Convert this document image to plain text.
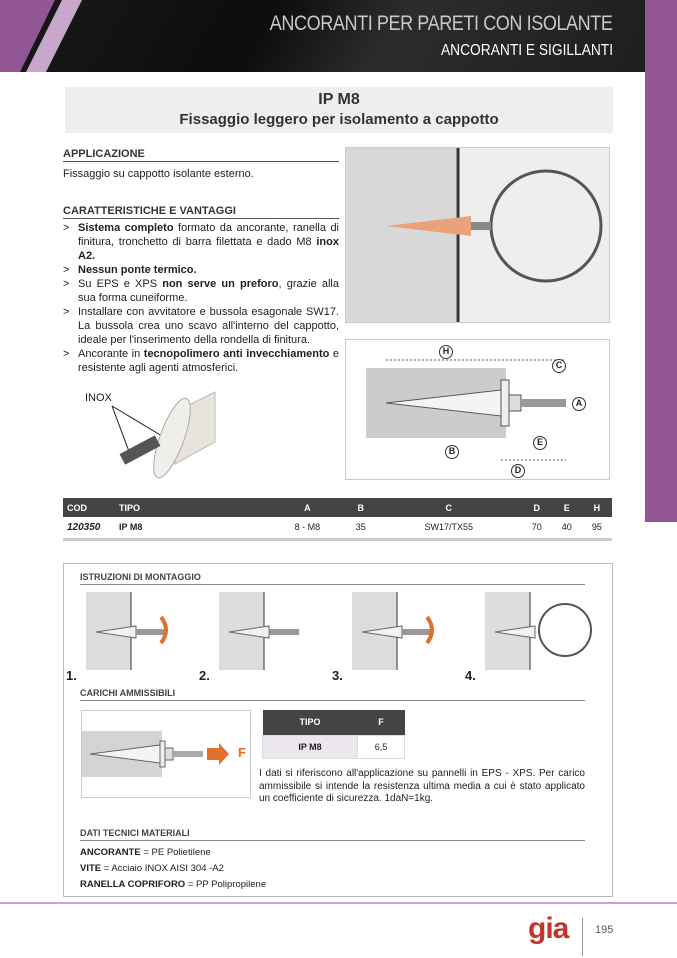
ANCORANTI PER PARETI CON ISOLANTE
ANCORANTI E SIGILLANTI
IP M8
Fissaggio leggero per isolamento a cappotto
APPLICAZIONE
Fissaggio su cappotto isolante esterno.
CARATTERISTICHE E VANTAGGI
> Sistema completo formato da ancorante, ranella di finitura, tronchetto di barra filettata e dado M8 inox A2.
> Nessun ponte termico.
> Su EPS e XPS non serve un preforo, grazie alla sua forma cuneiforme.
> Installare con avvitatore e bussola esagonale SW17. La bussola crea uno scavo all'interno del cappotto, ideale per l'inserimento della rondella di finitura.
> Ancorante in tecnopolimero anti invecchiamento e resistente agli agenti atmosferici.
INOX
H
C
A
E
B
D
COD	TIPO	A	B	C	D	E	H
120350	IP M8	8 - M8	35	SW17/TX55	70	40	95
ISTRUZIONI DI MONTAGGIO
1.	2.	3.	4.
CARICHI AMMISSIBILI
F
TIPO	F
IP M8	6,5
I dati si riferiscono all'applicazione su pannelli in EPS - XPS. Per carico ammissibile si intende la resistenza ultima media a cui è stato applicato un coefficiente di sicurezza. 1daN=1kg.
DATI TECNICI MATERIALI
ANCORANTE = PE Polietilene
VITE = Acciaio INOX AISI 304 -A2
RANELLA COPRIFORO = PP Polipropilene
gia 195
